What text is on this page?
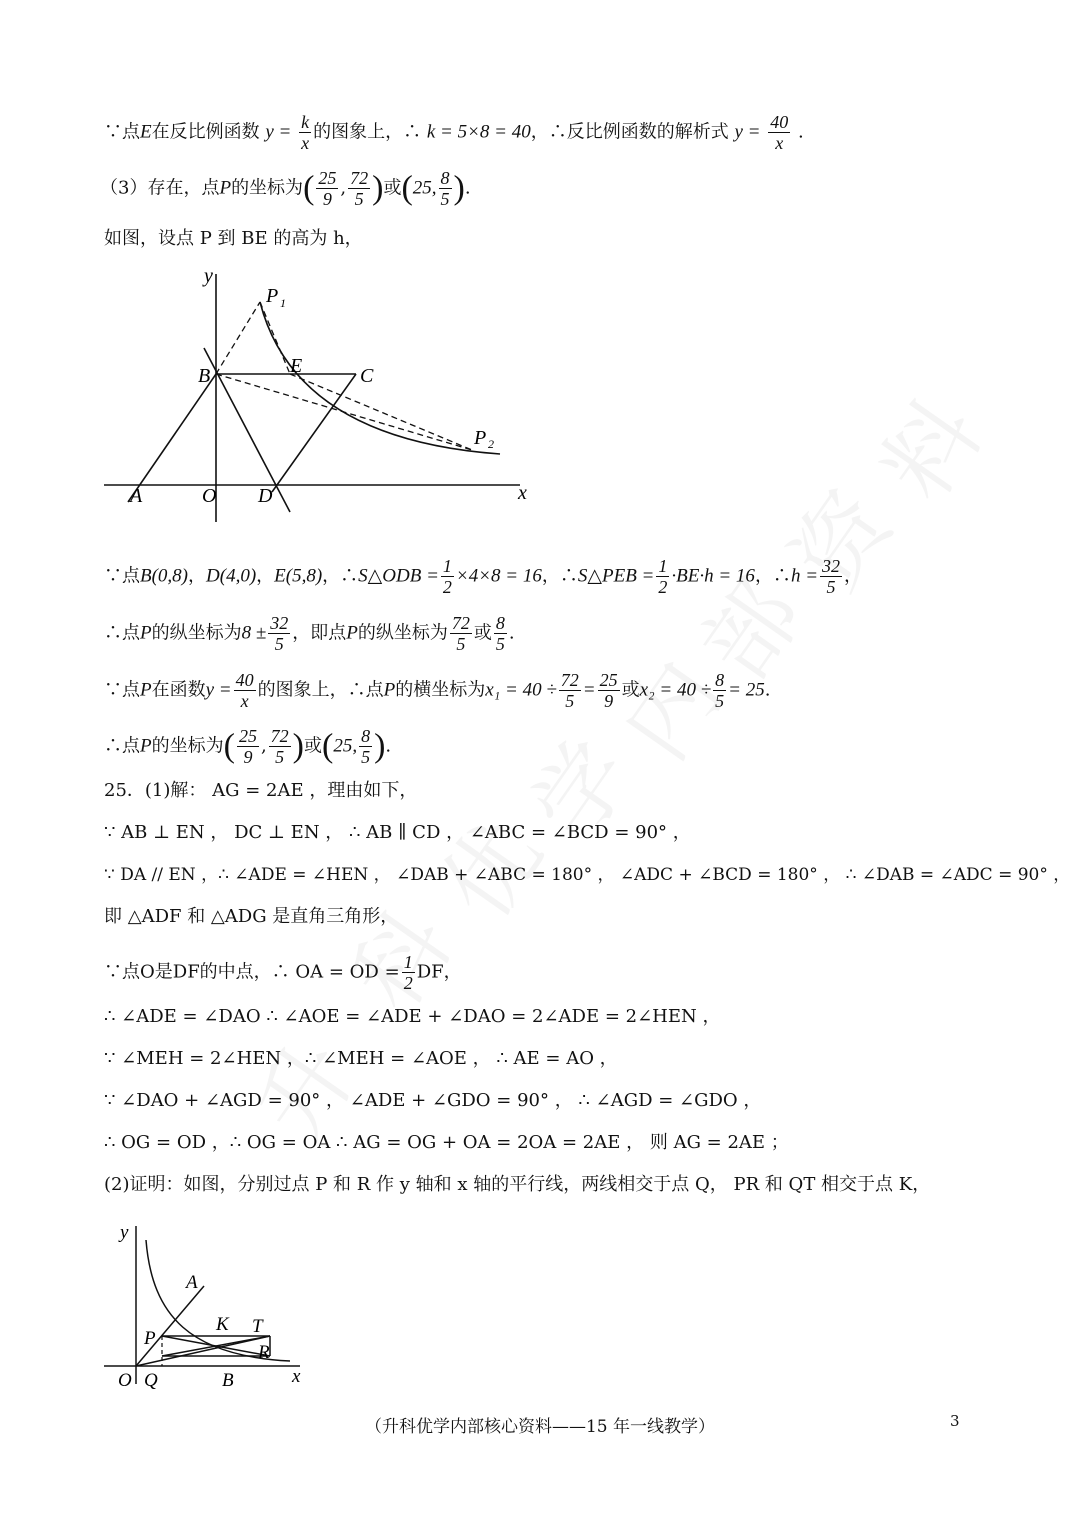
∵点E在反比例函数 $y = \frac{k}{x}$ 的图象上，∴ k = 5×8 = 40，∴反比例函数的解析式 $y = \frac{40}{x}$ .
（3）存在，点P的坐标为( $\frac{25}{9}$ , $\frac{72}{5}$ )或(25, $\frac{8}{5}$ ).
如图，设点 P 到 BE 的高为 h，
y
x
P 1
E
B	C
P 2
A	O D
∵点B(0,8)，D(4,0)，E(5,8)，∴S△ODB = $\frac{1}{2} \times 4\times 8 = 16$，∴S△PEB = $\frac{1}{2} \cdot BE\cdot h = 16$，∴h = $\frac{32}{5}$ ，
∴点P的纵坐标为$8 \pm \frac{32}{5}$ ，即点P的纵坐标为 $\frac{72}{5}$ 或 $\frac{8}{5}$ .
∵点P在函数$y = \frac{40}{x}$ 的图象上，∴点P的横坐标为$x_1 = 40 \div \frac{72}{5} = \frac{25}{9}$ 或$x_2 = 40 \div \frac{8}{5} = 25$.
∴点P的坐标为( $\frac{25}{9}$ , $\frac{72}{5}$ )或(25, $\frac{8}{5}$ ).
25．(1)解： AG = 2AE ，理由如下，
∵ AB ⊥ EN ， DC ⊥ EN ， ∴ AB ∥ CD ， ∠ABC = ∠BCD = 90° ，
∵ DA // EN ，∴ ∠ADE = ∠HEN ， ∠DAB + ∠ABC = 180° ， ∠ADC + ∠BCD = 180° ， ∴ ∠DAB = ∠ADC = 90° ，
即 △ADF 和 △ADG 是直角三角形，
∵点O是DF的中点，∴ OA = OD = $\frac{1}{2}$ DF，
∴ ∠ADE = ∠DAO ∴ ∠AOE = ∠ADE + ∠DAO = 2∠ADE = 2∠HEN ，
∵ ∠MEH = 2∠HEN ，∴ ∠MEH = ∠AOE ， ∴ AE = AO ，
∵ ∠DAO + ∠AGD = 90° ， ∠ADE + ∠GDO = 90° ， ∴ ∠AGD = ∠GDO ，
∴ OG = OD ，∴ OG = OA ∴ AG = OG + OA = 2OA = 2AE ， 则 AG = 2AE ；
(2)证明：如图，分别过点 P 和 R 作 y 轴和 x 轴的平行线，两线相交于点 Q， PR 和 QT 相交于点 K，
y
x
A
K T
P
R
O Q	B
（升科优学内部核心资料——15 年一线教学）	3
